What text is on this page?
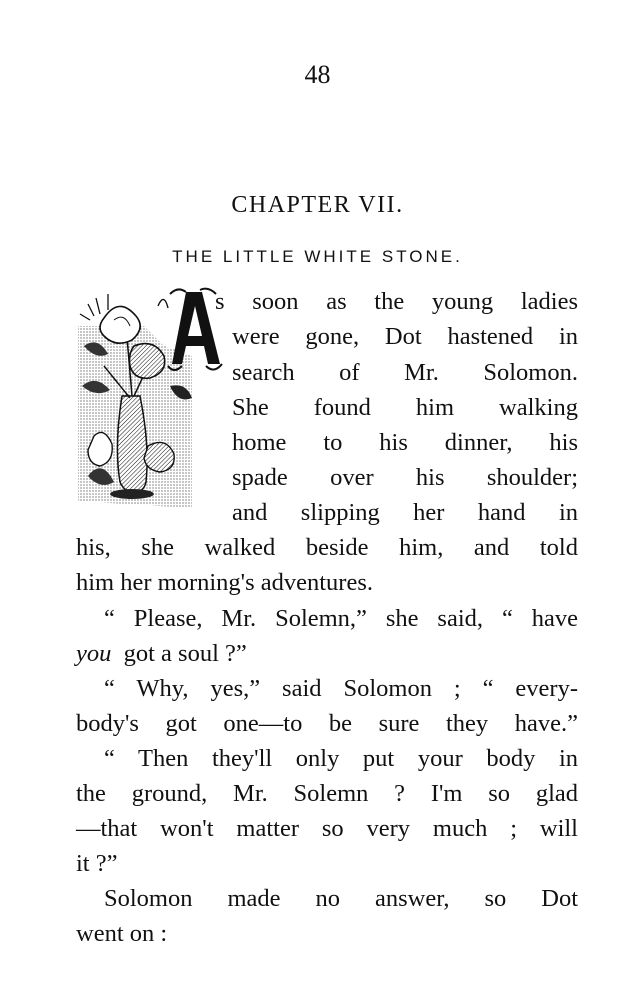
48
CHAPTER VII.
THE LITTLE WHITE STONE.
A
s soon as the young ladies
were gone, Dot hastened in
search of Mr. Solomon.
She found him walking
home to his dinner, his
spade over his shoulder;
and slipping her hand in
his, she walked beside him, and told
him her morning's adventures.
“ Please, Mr. Solemn,” she said, “ have
you got a soul ?”
“ Why, yes,” said Solomon ; “ every-
body's got one—to be sure they have.”
“ Then they'll only put your body in
the ground, Mr. Solemn ? I'm so glad
—that won't matter so very much ; will
it ?”
Solomon made no answer, so Dot
went on :
